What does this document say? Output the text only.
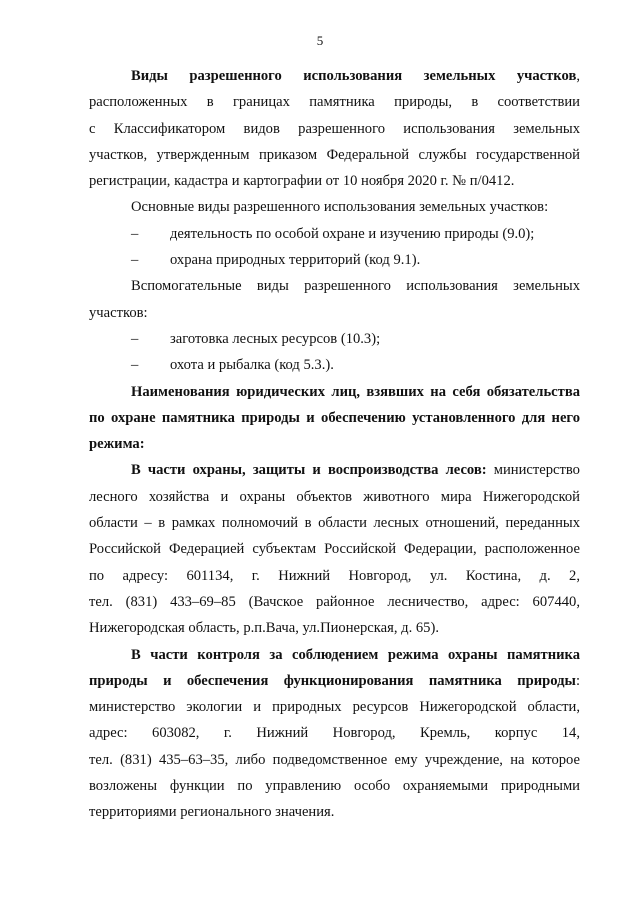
5
Виды разрешенного использования земельных участков,
расположенных в границах памятника природы, в соответствии
с Классификатором видов разрешенного использования земельных
участков, утвержденным приказом Федеральной службы государственной
регистрации, кадастра и картографии от 10 ноября 2020 г. № п/0412.
Основные виды разрешенного использования земельных участков:
– деятельность по особой охране и изучению природы (9.0);
– охрана природных территорий (код 9.1).
Вспомогательные виды разрешенного использования земельных
участков:
– заготовка лесных ресурсов (10.3);
– охота и рыбалка (код 5.3.).
Наименования юридических лиц, взявших на себя обязательства
по охране памятника природы и обеспечению установленного для него
режима:
В части охраны, защиты и воспроизводства лесов: министерство
лесного хозяйства и охраны объектов животного мира Нижегородской
области – в рамках полномочий в области лесных отношений, переданных
Российской Федерацией субъектам Российской Федерации, расположенное
по адресу: 601134, г. Нижний Новгород, ул. Костина, д. 2,
тел. (831) 433–69–85 (Вачское районное лесничество, адрес: 607440,
Нижегородская область, р.п.Вача, ул.Пионерская, д. 65).
В части контроля за соблюдением режима охраны памятника
природы и обеспечения функционирования памятника природы:
министерство экологии и природных ресурсов Нижегородской области,
адрес: 603082, г. Нижний Новгород, Кремль, корпус 14,
тел. (831) 435–63–35, либо подведомственное ему учреждение, на которое
возложены функции по управлению особо охраняемыми природными
территориями регионального значения.
